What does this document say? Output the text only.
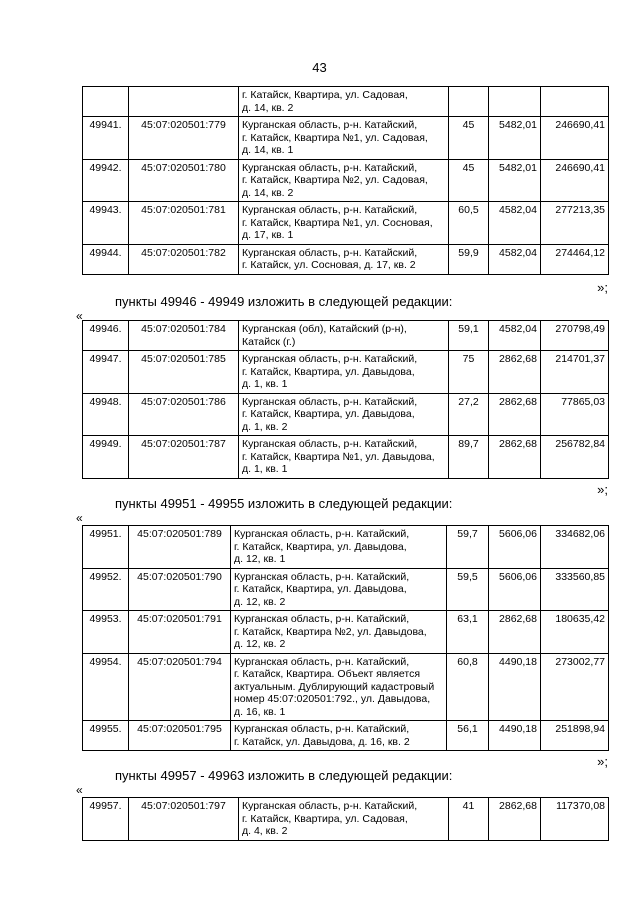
43
		г. Катайск, Квартира, ул. Садовая,
д. 14, кв. 2			
49941.	45:07:020501:779	Курганская область, р-н. Катайский,
г. Катайск, Квартира №1, ул. Садовая,
д. 14, кв. 1	45	5482,01	246690,41
49942.	45:07:020501:780	Курганская область, р-н. Катайский,
г. Катайск, Квартира №2, ул. Садовая,
д. 14, кв. 2	45	5482,01	246690,41
49943.	45:07:020501:781	Курганская область, р-н. Катайский,
г. Катайск, Квартира №1, ул. Сосновая,
д. 17, кв. 1	60,5	4582,04	277213,35
49944.	45:07:020501:782	Курганская область, р-н. Катайский,
г. Катайск, ул. Сосновая, д. 17, кв. 2	59,9	4582,04	274464,12
»;
пункты 49946 - 49949 изложить в следующей редакции:
«
49946.	45:07:020501:784	Курганская (обл), Катайский (р-н),
Катайск (г.)	59,1	4582,04	270798,49
49947.	45:07:020501:785	Курганская область, р-н. Катайский,
г. Катайск, Квартира, ул. Давыдова,
д. 1, кв. 1	75	2862,68	214701,37
49948.	45:07:020501:786	Курганская область, р-н. Катайский,
г. Катайск, Квартира, ул. Давыдова,
д. 1, кв. 2	27,2	2862,68	77865,03
49949.	45:07:020501:787	Курганская область, р-н. Катайский,
г. Катайск, Квартира №1, ул. Давыдова,
д. 1, кв. 1	89,7	2862,68	256782,84
»;
пункты 49951 - 49955 изложить в следующей редакции:
«
49951.	45:07:020501:789	Курганская область, р-н. Катайский,
г. Катайск, Квартира, ул. Давыдова,
д. 12, кв. 1	59,7	5606,06	334682,06
49952.	45:07:020501:790	Курганская область, р-н. Катайский,
г. Катайск, Квартира, ул. Давыдова,
д. 12, кв. 2	59,5	5606,06	333560,85
49953.	45:07:020501:791	Курганская область, р-н. Катайский,
г. Катайск, Квартира №2, ул. Давыдова,
д. 12, кв. 2	63,1	2862,68	180635,42
49954.	45:07:020501:794	Курганская область, р-н. Катайский,
г. Катайск, Квартира. Объект является
актуальным. Дублирующий кадастровый
номер 45:07:020501:792., ул. Давыдова,
д. 16, кв. 1	60,8	4490,18	273002,77
49955.	45:07:020501:795	Курганская область, р-н. Катайский,
г. Катайск, ул. Давыдова, д. 16, кв. 2	56,1	4490,18	251898,94
»;
пункты 49957 - 49963 изложить в следующей редакции:
«
49957.	45:07:020501:797	Курганская область, р-н. Катайский,
г. Катайск, Квартира, ул. Садовая,
д. 4, кв. 2	41	2862,68	117370,08
